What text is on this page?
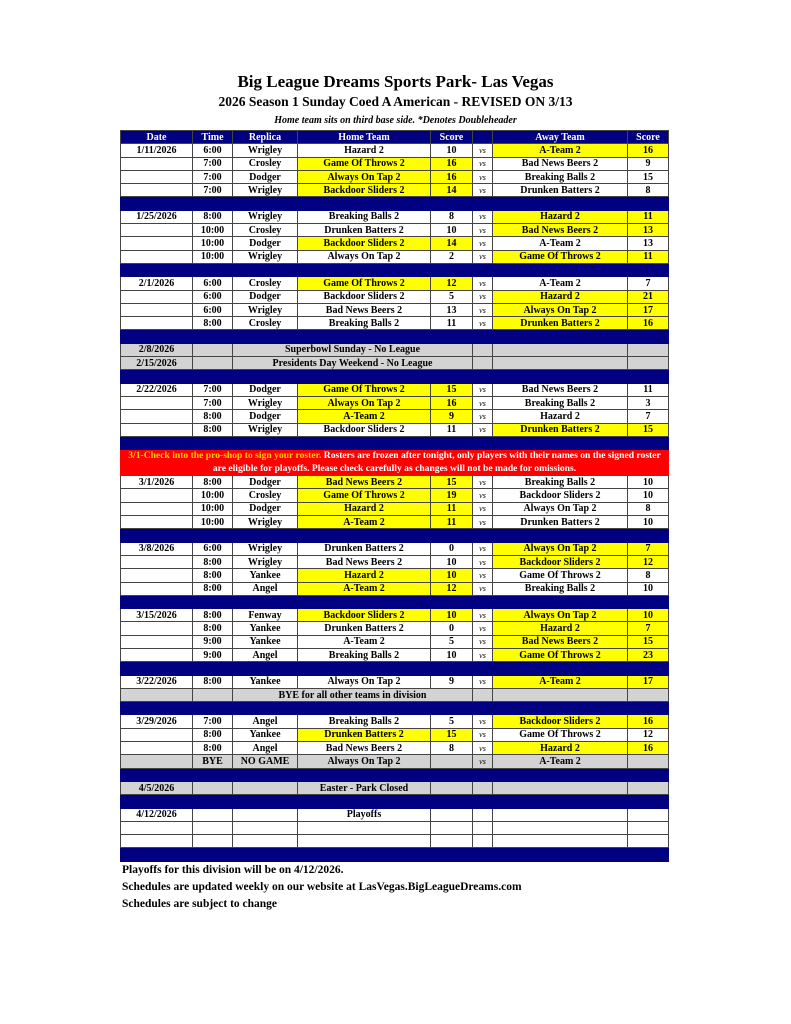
Big League Dreams Sports Park- Las Vegas
2026 Season 1 Sunday Coed A American - REVISED ON 3/13
Home team sits on third base side. *Denotes Doubleheader
Date	Time	Replica	Home Team	Score		Away Team	Score
1/11/2026	6:00	Wrigley	Hazard 2	10	vs	A-Team 2	16
	7:00	Crosley	Game Of Throws 2	16	vs	Bad News Beers 2	9
	7:00	Dodger	Always On Tap 2	16	vs	Breaking Balls 2	15
	7:00	Wrigley	Backdoor Sliders 2	14	vs	Drunken Batters 2	8

1/25/2026	8:00	Wrigley	Breaking Balls 2	8	vs	Hazard 2	11
	10:00	Crosley	Drunken Batters 2	10	vs	Bad News Beers 2	13
	10:00	Dodger	Backdoor Sliders 2	14	vs	A-Team 2	13
	10:00	Wrigley	Always On Tap 2	2	vs	Game Of Throws 2	11

2/1/2026	6:00	Crosley	Game Of Throws 2	12	vs	A-Team 2	7
	6:00	Dodger	Backdoor Sliders 2	5	vs	Hazard 2	21
	6:00	Wrigley	Bad News Beers 2	13	vs	Always On Tap 2	17
	8:00	Crosley	Breaking Balls 2	11	vs	Drunken Batters 2	16

2/8/2026		Superbowl Sunday - No League					
2/15/2026		Presidents Day Weekend - No League					

2/22/2026	7:00	Dodger	Game Of Throws 2	15	vs	Bad News Beers 2	11
	7:00	Wrigley	Always On Tap 2	16	vs	Breaking Balls 2	3
	8:00	Dodger	A-Team 2	9	vs	Hazard 2	7
	8:00	Wrigley	Backdoor Sliders 2	11	vs	Drunken Batters 2	15

3/1-Check into the pro-shop to sign your roster. Rosters are frozen after tonight, only players with their names on the signed roster are eligible for playoffs. Please check carefully as changes will not be made for omissions.							
3/1/2026	8:00	Dodger	Bad News Beers 2	15	vs	Breaking Balls 2	10
	10:00	Crosley	Game Of Throws 2	19	vs	Backdoor Sliders 2	10
	10:00	Dodger	Hazard 2	11	vs	Always On Tap 2	8
	10:00	Wrigley	A-Team 2	11	vs	Drunken Batters 2	10

3/8/2026	6:00	Wrigley	Drunken Batters 2	0	vs	Always On Tap 2	7
	8:00	Wrigley	Bad News Beers 2	10	vs	Backdoor Sliders 2	12
	8:00	Yankee	Hazard 2	10	vs	Game Of Throws 2	8
	8:00	Angel	A-Team 2	12	vs	Breaking Balls 2	10

3/15/2026	8:00	Fenway	Backdoor Sliders 2	10	vs	Always On Tap 2	10
	8:00	Yankee	Drunken Batters 2	0	vs	Hazard 2	7
	9:00	Yankee	A-Team 2	5	vs	Bad News Beers 2	15
	9:00	Angel	Breaking Balls 2	10	vs	Game Of Throws 2	23

3/22/2026	8:00	Yankee	Always On Tap 2	9	vs	A-Team 2	17
		BYE for all other teams in division					

3/29/2026	7:00	Angel	Breaking Balls 2	5	vs	Backdoor Sliders 2	16
	8:00	Yankee	Drunken Batters 2	15	vs	Game Of Throws 2	12
	8:00	Angel	Bad News Beers 2	8	vs	Hazard 2	16
	BYE	NO GAME	Always On Tap 2		vs	A-Team 2	

4/5/2026			Easter - Park Closed				

4/12/2026			Playoffs				

Playoffs for this division will be on 4/12/2026.
Schedules are updated weekly on our website at LasVegas.BigLeagueDreams.com
Schedules are subject to change
